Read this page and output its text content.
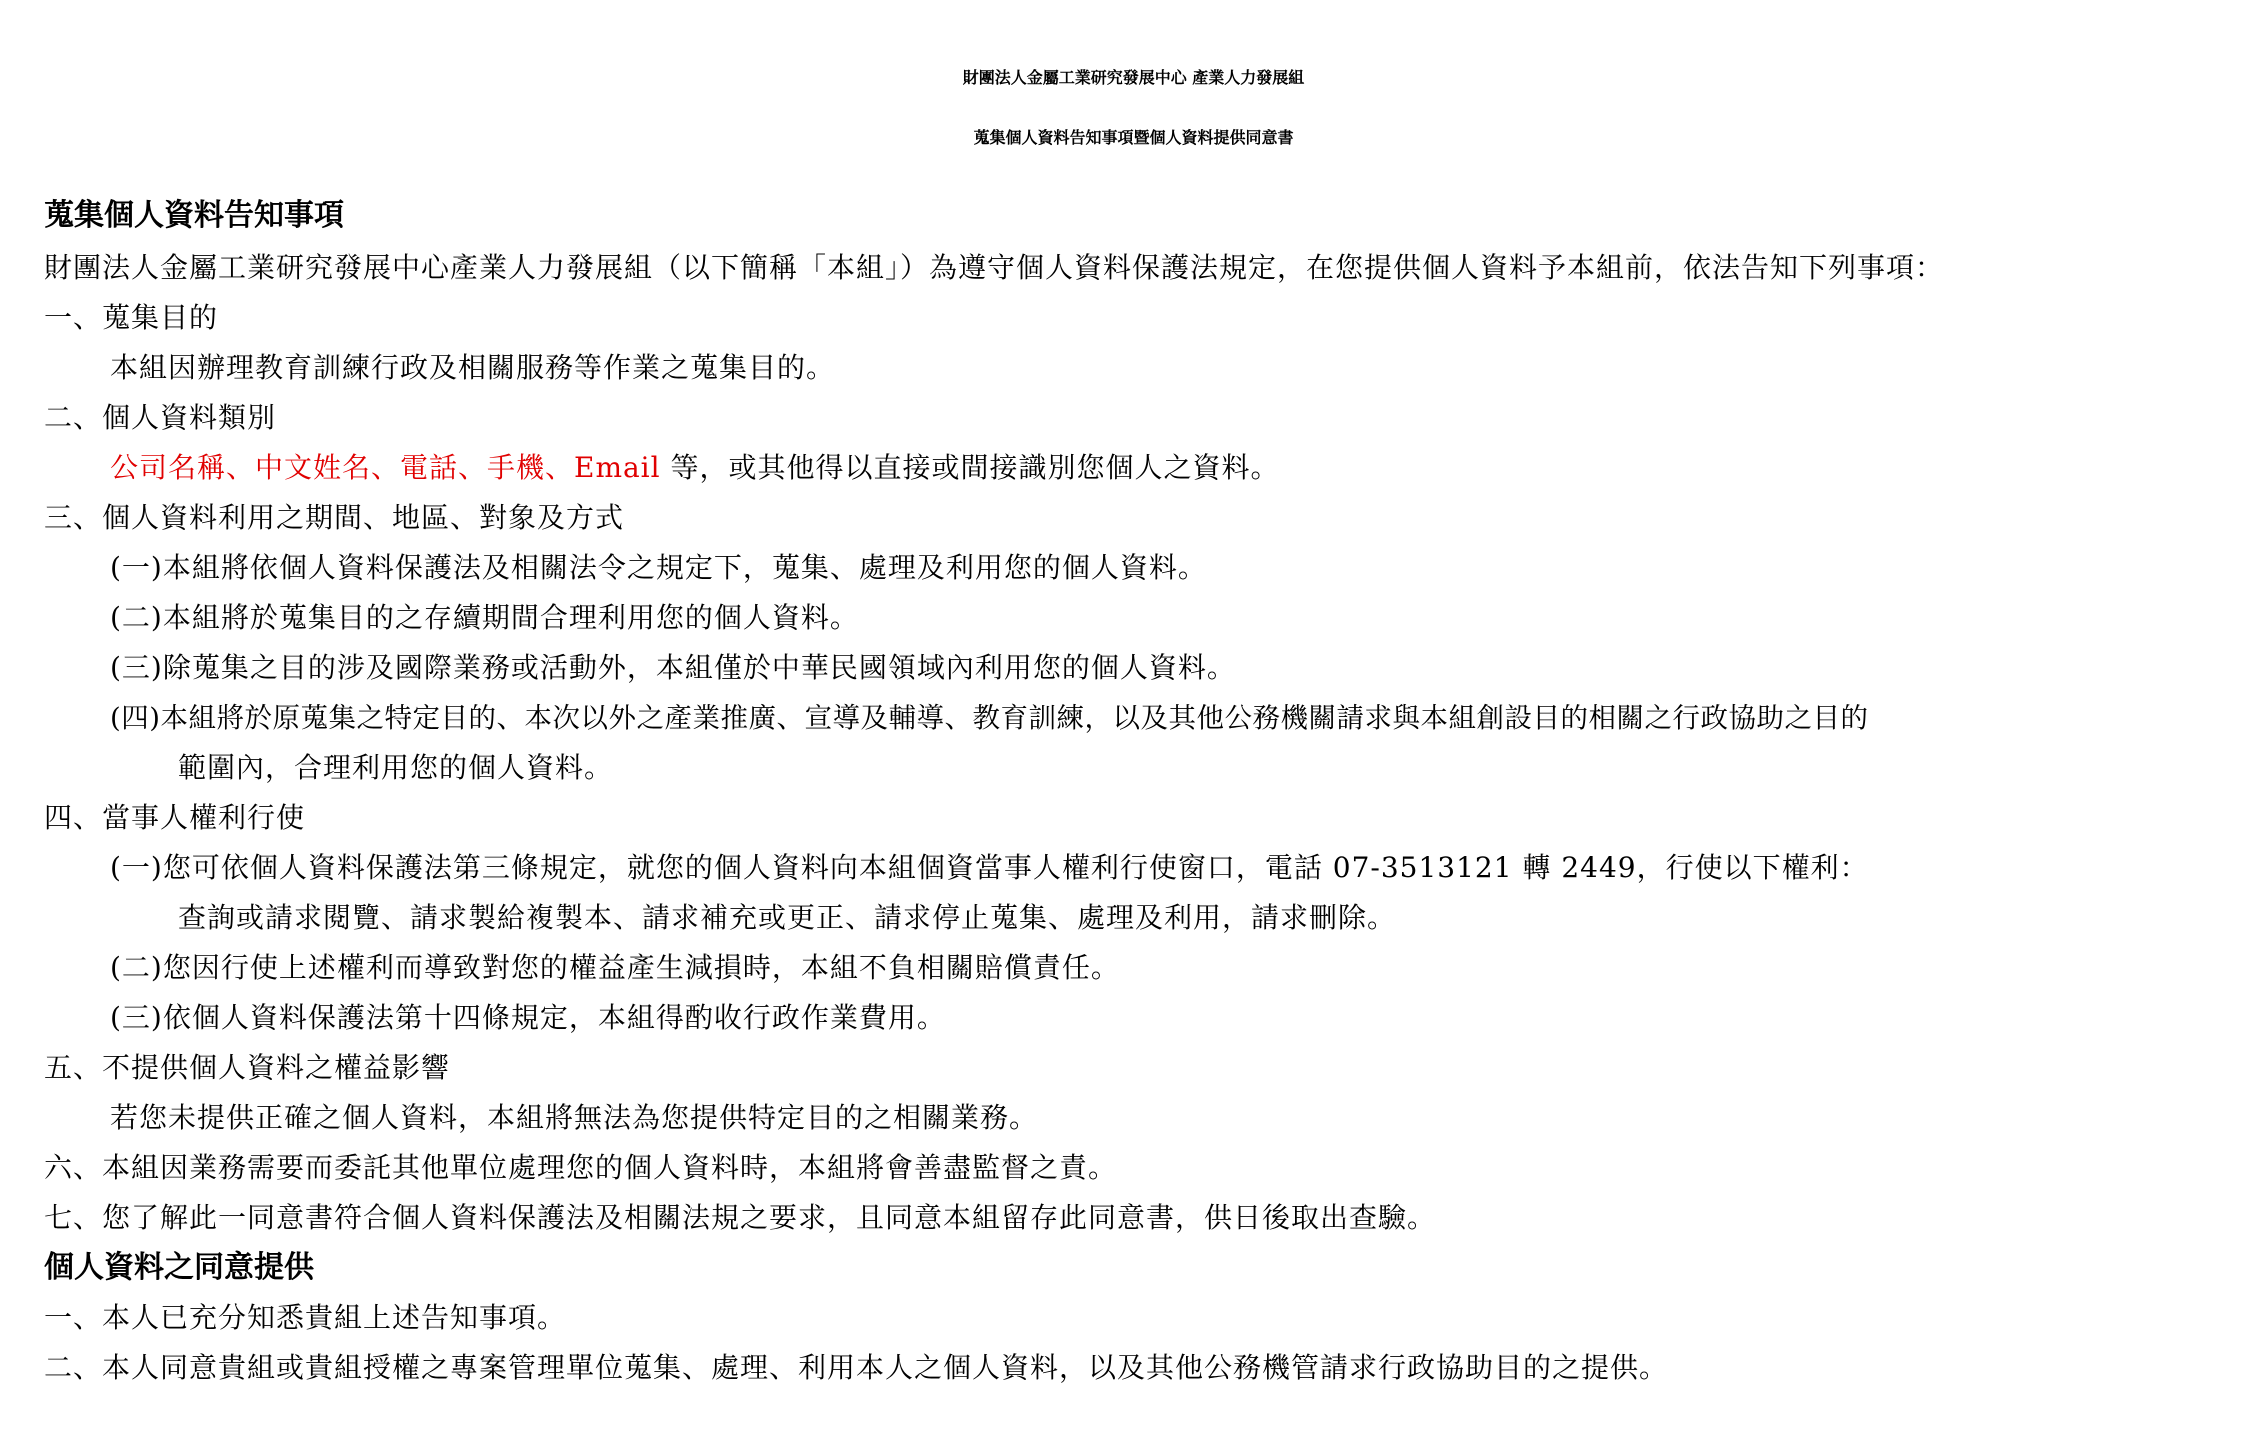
財團法人金屬工業研究發展中心 產業人力發展組
蒐集個人資料告知事項暨個人資料提供同意書
蒐集個人資料告知事項
財團法人金屬工業研究發展中心產業人力發展組（以下簡稱「本組」）為遵守個人資料保護法規定，在您提供個人資料予本組前，依法告知下列事項：
一、蒐集目的
本組因辦理教育訓練行政及相關服務等作業之蒐集目的。
二、個人資料類別
公司名稱、中文姓名、電話、手機、Email 等，或其他得以直接或間接識別您個人之資料。
三、個人資料利用之期間、地區、對象及方式
(一)本組將依個人資料保護法及相關法令之規定下，蒐集、處理及利用您的個人資料。
(二)本組將於蒐集目的之存續期間合理利用您的個人資料。
(三)除蒐集之目的涉及國際業務或活動外，本組僅於中華民國領域內利用您的個人資料。
(四)本組將於原蒐集之特定目的、本次以外之產業推廣、宣導及輔導、教育訓練，以及其他公務機關請求與本組創設目的相關之行政協助之目的
範圍內，合理利用您的個人資料。
四、當事人權利行使
(一)您可依個人資料保護法第三條規定，就您的個人資料向本組個資當事人權利行使窗口，電話 07-3513121 轉 2449，行使以下權利：
查詢或請求閱覽、請求製給複製本、請求補充或更正、請求停止蒐集、處理及利用，請求刪除。
(二)您因行使上述權利而導致對您的權益產生減損時，本組不負相關賠償責任。
(三)依個人資料保護法第十四條規定，本組得酌收行政作業費用。
五、不提供個人資料之權益影響
若您未提供正確之個人資料，本組將無法為您提供特定目的之相關業務。
六、本組因業務需要而委託其他單位處理您的個人資料時，本組將會善盡監督之責。
七、您了解此一同意書符合個人資料保護法及相關法規之要求，且同意本組留存此同意書，供日後取出查驗。
個人資料之同意提供
一、本人已充分知悉貴組上述告知事項。
二、本人同意貴組或貴組授權之專案管理單位蒐集、處理、利用本人之個人資料，以及其他公務機管請求行政協助目的之提供。
